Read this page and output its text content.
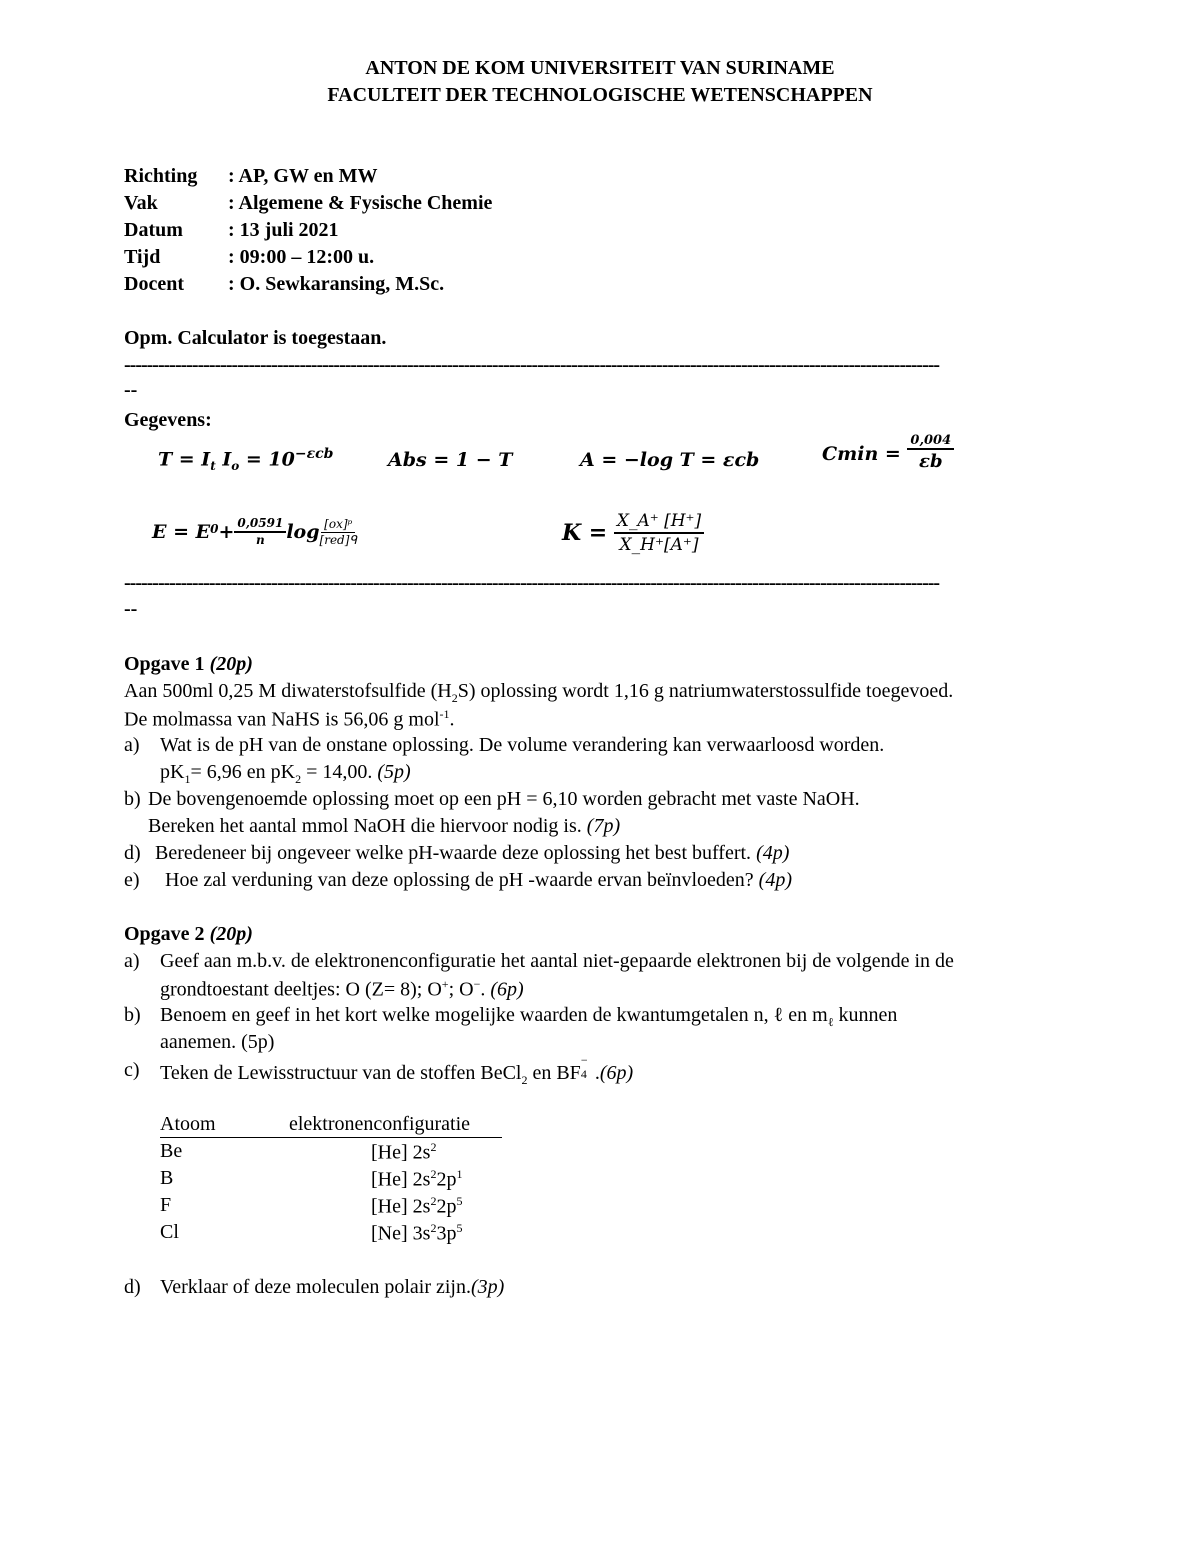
ANTON DE KOM UNIVERSITEIT VAN SURINAME
FACULTEIT DER TECHNOLOGISCHE WETENSCHAPPEN
Richting : AP, GW en MW
Vak	: Algemene & Fysische Chemie
Datum : 13 juli 2021
Tijd	: 09:00 – 12:00 u.
Docent : O. Sewkaransing, M.Sc.
Opm. Calculator is toegestaan.
------------------------------------------------------------------------------------------------------------------------------------------------
--
Gegevens:
$T = I_t$ $I_o = 10^{-\varepsilon cb}$	Abs = 1 − T	A = −log T = εcb	Cmin =
$\frac{0,004}{\varepsilon b}$
E = E $0 + \frac{0,0591}{n}$ $\log \frac{\text{[ox]ᵖ}}{\text{[red]ᑫ}}$	K =
$\frac{X\_A^+ [H^+]}{X\_H^+[A^+]}$
------------------------------------------------------------------------------------------------------------------------------------------------
--
Opgave 1 (20p)
Aan 500ml 0,25 M diwaterstofsulfide $(H_2S)$ oplossing wordt 1,16 g natriumwaterstossulfide toegevoed.
De molmassa van NaHS is 56,06 g mol$^{-1}$.
a) Wat is de pH van de onstane oplossing. De volume verandering kan verwaarloosd worden.
$pK_1= 6,96$ en $pK_2 = 14,00$. (5p)
b) De bovengenoemde oplossing moet op een pH = 6,10 worden gebracht met vaste NaOH.
Bereken het aantal mmol NaOH die hiervoor nodig is. (7p)
d) Beredeneer bij ongeveer welke pH-waarde deze oplossing het best buffert. (4p)
e) Hoe zal verduning van deze oplossing de pH -waarde ervan beïnvloeden? (4p)
Opgave 2 (20p)
a) Geef aan m.b.v. de elektronenconfiguratie het aantal niet-gepaarde elektronen bij de volgende in de
grondtoestant deeltjes: O (Z= 8); O+; O−. (6p)
b) Benoem en geef in het kort welke mogelijke waarden de kwantumgetalen n, ℓ en $m_\ell$ kunnen
aanemen. (5p)
c) Teken de Lewisstructuur van de stoffen BeCl$_2$ en BF
−
4 .(6p)
Atoom	elektronenconfiguratie
Be	[He] $2s^2$
B	[He] $2s^22p^1$
F	[He] $2s^22p^5$
Cl	[Ne] $3s^23p^5$
d) Verklaar of deze moleculen polair zijn.(3p)
